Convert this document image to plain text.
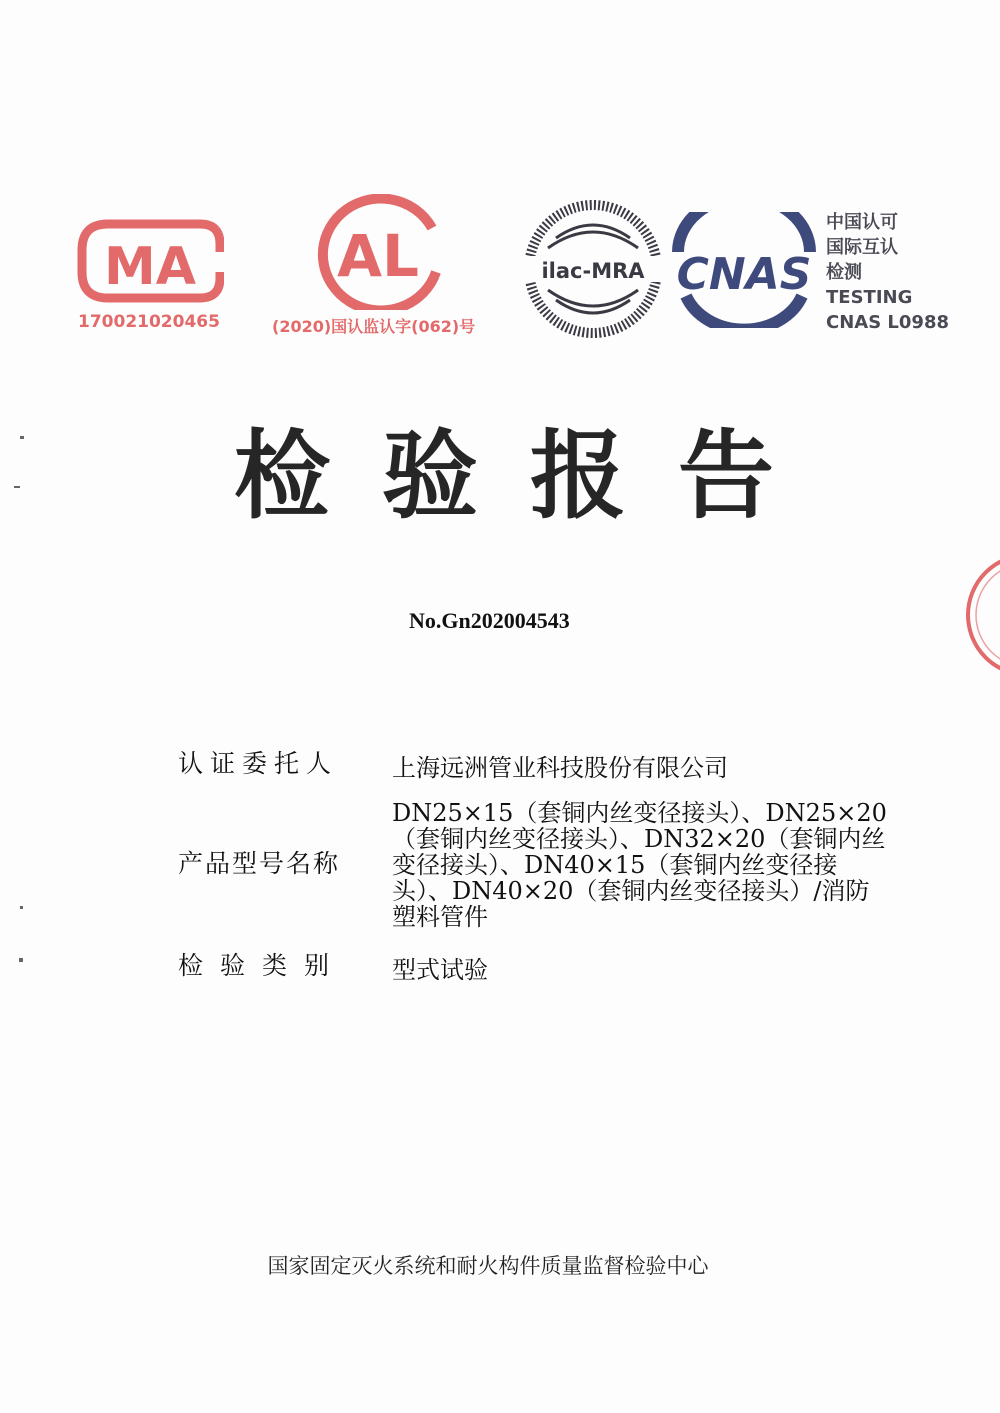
MA
170021020465
AL
(2020)国认监认字(062)号
ilac-MRA CNAS
中国认可
国际互认
检测
TESTING
CNAS L0988
检 验 报 告
No.Gn202004543
认证委托人 上海远洲管业科技股份有限公司
产品型号名称
DN25×15（套铜内丝变径接头）、DN25×20
（套铜内丝变径接头）、DN32×20（套铜内丝
变径接头）、DN40×15（套铜内丝变径接
头）、DN40×20（套铜内丝变径接头）/消防
塑料管件
检验类别 型式试验
国家固定灭火系统和耐火构件质量监督检验中心
